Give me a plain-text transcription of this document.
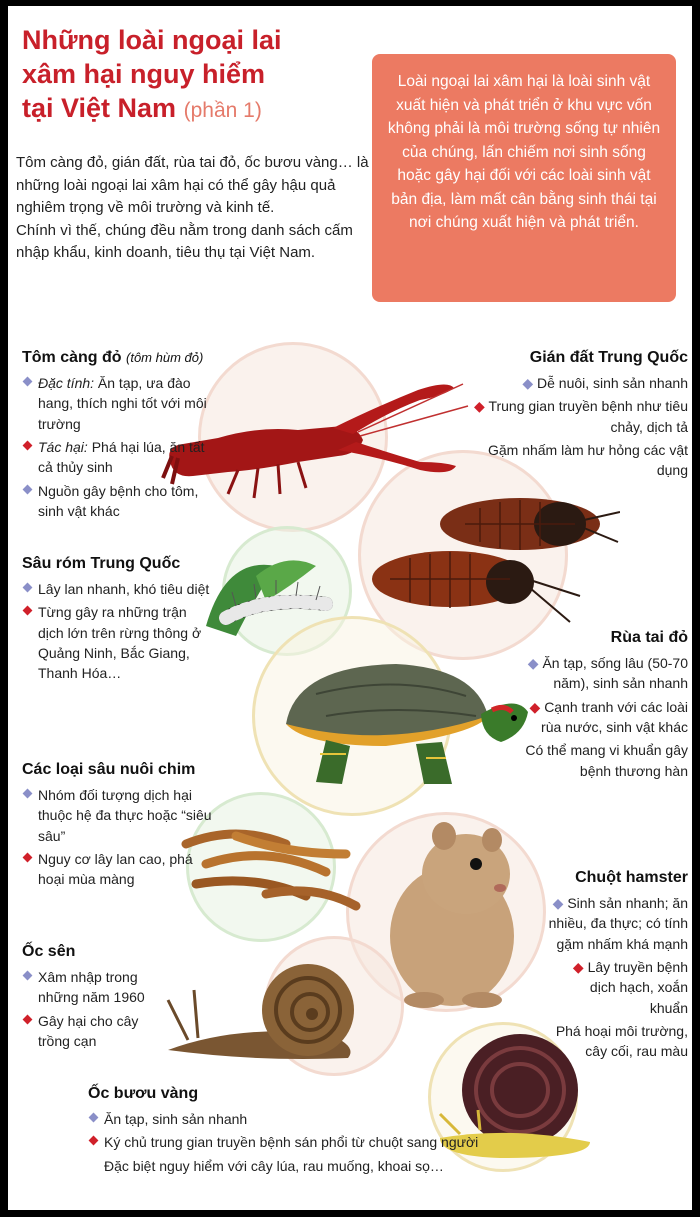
Những loài ngoại lai
xâm hại nguy hiểm
tại Việt Nam (phần 1)
Tôm càng đỏ, gián đất, rùa tai đỏ, ốc bươu vàng… là những loài ngoại lai xâm hại có thể gây hậu quả nghiêm trọng về môi trường và kinh tế.
Chính vì thế, chúng đều nằm trong danh sách cấm nhập khẩu, kinh doanh, tiêu thụ tại Việt Nam.
Loài ngoại lai xâm hại là loài sinh vật xuất hiện và phát triển ở khu vực vốn không phải là môi trường sống tự nhiên của chúng, lấn chiếm nơi sinh sống hoặc gây hại đối với các loài sinh vật bản địa, làm mất cân bằng sinh thái tại nơi chúng xuất hiện và phát triển.
Tôm càng đỏ (tôm hùm đỏ)
Đặc tính: Ăn tạp, ưa đào hang, thích nghi tốt với môi trường
Tác hại: Phá hại lúa, ăn tất cả thủy sinh
Nguồn gây bệnh cho tôm, sinh vật khác
Gián đất Trung Quốc
◆ Dễ nuôi, sinh sản nhanh
◆ Trung gian truyền bệnh như tiêu chảy, dịch tả
Gặm nhấm làm hư hỏng các vật dụng
Sâu róm Trung Quốc
Lây lan nhanh, khó tiêu diệt
Từng gây ra những trận dịch lớn trên rừng thông ở Quảng Ninh, Bắc Giang, Thanh Hóa…
Rùa tai đỏ
◆ Ăn tạp, sống lâu (50-70 năm), sinh sản nhanh
◆ Cạnh tranh với các loài rùa nước, sinh vật khác
Có thể mang vi khuẩn gây bệnh thương hàn
Các loại sâu nuôi chim
Nhóm đối tượng dịch hại thuộc hệ đa thực hoặc “siêu sâu”
Nguy cơ lây lan cao, phá hoại mùa màng	Chuột hamster
◆ Sinh sản nhanh; ăn nhiều, đa thực; có tính gặm nhấm khá mạnh
◆ Lây truyền bệnh dịch hạch, xoắn khuẩn
Phá hoại môi trường, cây cối, rau màu
Ốc sên
Xâm nhập trong những năm 1960
Gây hại cho cây trồng cạn
Ốc bươu vàng
Ăn tạp, sinh sản nhanh
Ký chủ trung gian truyền bệnh sán phổi từ chuột sang người
Đặc biệt nguy hiểm với cây lúa, rau muống, khoai sọ…
